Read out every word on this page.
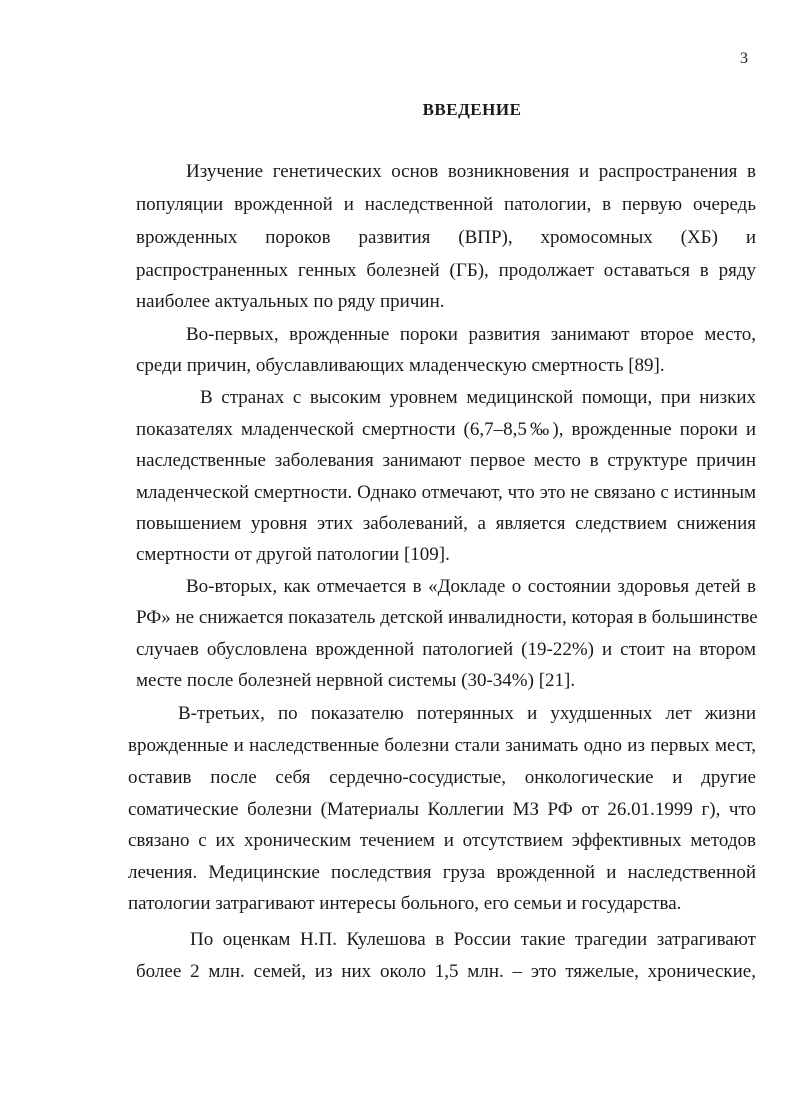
3
ВВЕДЕНИЕ
Изучение генетических основ возникновения и распространения в
популяции врожденной и наследственной патологии, в первую очередь
врожденных пороков развития (ВПР), хромосомных (ХБ) и
распространенных генных болезней (ГБ), продолжает оставаться в ряду
наиболее актуальных по ряду причин.
Во-первых, врожденные пороки развития занимают второе место,
среди причин, обуславливающих младенческую смертность [89].
В странах с высоким уровнем медицинской помощи, при низких
показателях младенческой смертности (6,7–8,5‰), врожденные пороки и
наследственные заболевания занимают первое место в структуре причин
младенческой смертности. Однако отмечают, что это не связано с истинным
повышением уровня этих заболеваний, а является следствием снижения
смертности от другой патологии [109].
Во-вторых, как отмечается в «Докладе о состоянии здоровья детей в
РФ» не снижается показатель детской инвалидности, которая в большинстве
случаев обусловлена врожденной патологией (19-22%) и стоит на втором
месте после болезней нервной системы (30-34%) [21].
В-третьих, по показателю потерянных и ухудшенных лет жизни
врожденные и наследственные болезни стали занимать одно из первых мест,
оставив после себя сердечно-сосудистые, онкологические и другие
соматические болезни (Материалы Коллегии МЗ РФ от 26.01.1999 г), что
связано с их хроническим течением и отсутствием эффективных методов
лечения. Медицинские последствия груза врожденной и наследственной
патологии затрагивают интересы больного, его семьи и государства.
По оценкам Н.П. Кулешова в России такие трагедии затрагивают
более 2 млн. семей, из них около 1,5 млн. – это тяжелые, хронические,
